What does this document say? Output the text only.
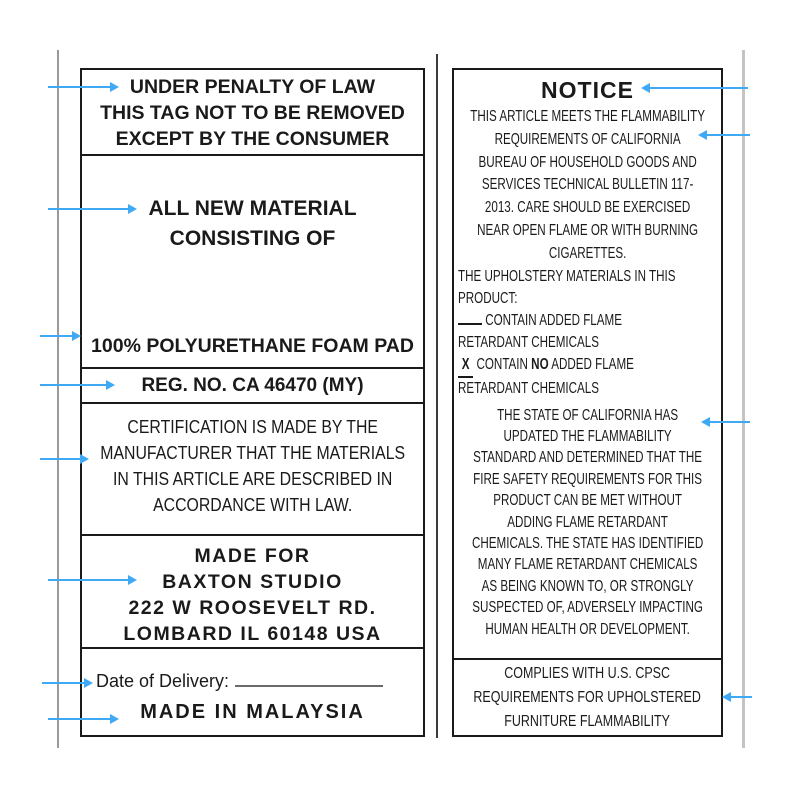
UNDER PENALTY OF LAW
THIS TAG NOT TO BE REMOVED
EXCEPT BY THE CONSUMER
ALL NEW MATERIAL
CONSISTING OF
100% POLYURETHANE FOAM PAD
REG. NO. CA 46470 (MY)
CERTIFICATION IS MADE BY THE
MANUFACTURER THAT THE MATERIALS
IN THIS ARTICLE ARE DESCRIBED IN
ACCORDANCE WITH LAW.
MADE FOR
BAXTON STUDIO
222 W ROOSEVELT RD.
LOMBARD IL 60148 USA
Date of Delivery:
MADE IN MALAYSIA
NOTICE
THIS ARTICLE MEETS THE FLAMMABILITY
REQUIREMENTS OF CALIFORNIA
BUREAU OF HOUSEHOLD GOODS AND
SERVICES TECHNICAL BULLETIN 117-
2013. CARE SHOULD BE EXERCISED
NEAR OPEN FLAME OR WITH BURNING
CIGARETTES.
THE UPHOLSTERY MATERIALS IN THIS
PRODUCT:
CONTAIN ADDED FLAME
RETARDANT CHEMICALS
X CONTAIN NO ADDED FLAME
RETARDANT CHEMICALS
THE STATE OF CALIFORNIA HAS
UPDATED THE FLAMMABILITY
STANDARD AND DETERMINED THAT THE
FIRE SAFETY REQUIREMENTS FOR THIS
PRODUCT CAN BE MET WITHOUT
ADDING FLAME RETARDANT
CHEMICALS. THE STATE HAS IDENTIFIED
MANY FLAME RETARDANT CHEMICALS
AS BEING KNOWN TO, OR STRONGLY
SUSPECTED OF, ADVERSELY IMPACTING
HUMAN HEALTH OR DEVELOPMENT.
COMPLIES WITH U.S. CPSC
REQUIREMENTS FOR UPHOLSTERED
FURNITURE FLAMMABILITY
